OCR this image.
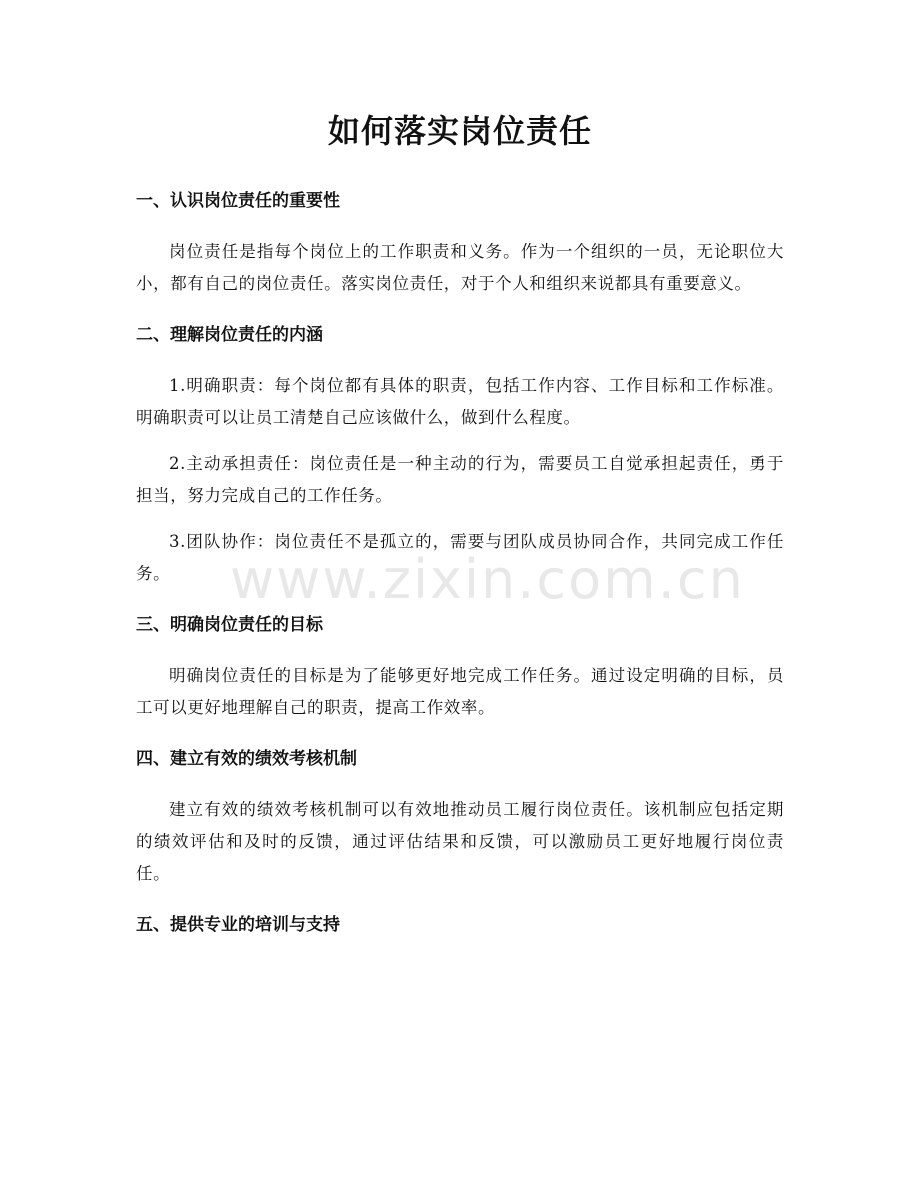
如何落实岗位责任
www.zixin.com.cn
一、认识岗位责任的重要性

岗位责任是指每个岗位上的工作职责和义务。作为一个组织的一员，无论职位大小，都有自己的岗位责任。落实岗位责任，对于个人和组织来说都具有重要意义。

二、理解岗位责任的内涵

1.明确职责：每个岗位都有具体的职责，包括工作内容、工作目标和工作标准。明确职责可以让员工清楚自己应该做什么，做到什么程度。

2.主动承担责任：岗位责任是一种主动的行为，需要员工自觉承担起责任，勇于担当，努力完成自己的工作任务。

3.团队协作：岗位责任不是孤立的，需要与团队成员协同合作，共同完成工作任务。

三、明确岗位责任的目标

明确岗位责任的目标是为了能够更好地完成工作任务。通过设定明确的目标，员工可以更好地理解自己的职责，提高工作效率。

四、建立有效的绩效考核机制

建立有效的绩效考核机制可以有效地推动员工履行岗位责任。该机制应包括定期的绩效评估和及时的反馈，通过评估结果和反馈，可以激励员工更好地履行岗位责任。

五、提供专业的培训与支持
